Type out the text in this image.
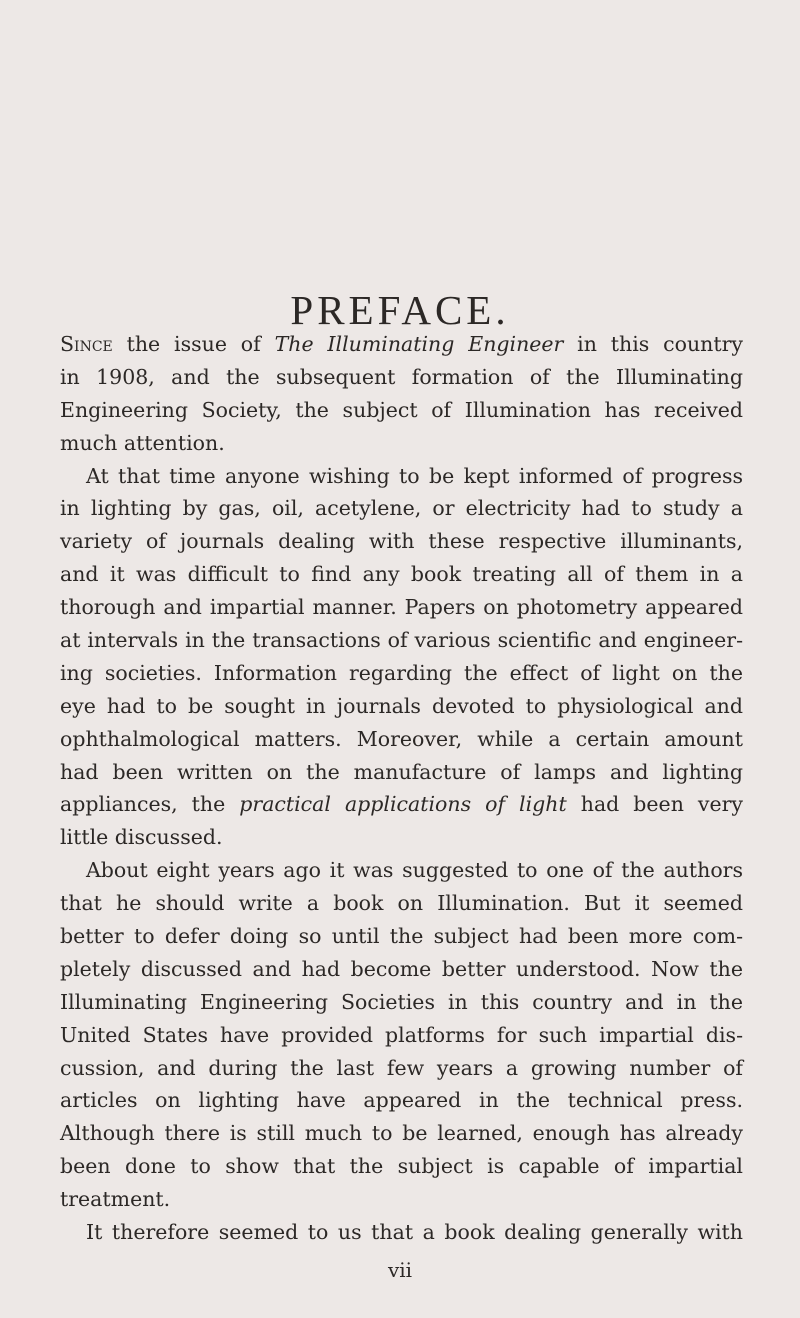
PREFACE.
Since the issue of The Illuminating Engineer in this country
in 1908, and the subsequent formation of the Illuminating
Engineering Society, the subject of Illumination has received
much attention.
At that time anyone wishing to be kept informed of progress
in lighting by gas, oil, acetylene, or electricity had to study a
variety of journals dealing with these respective illuminants,
and it was difficult to find any book treating all of them in a
thorough and impartial manner. Papers on photometry appeared
at intervals in the transactions of various scientific and engineer-
ing societies. Information regarding the effect of light on the
eye had to be sought in journals devoted to physiological and
ophthalmological matters. Moreover, while a certain amount
had been written on the manufacture of lamps and lighting
appliances, the practical applications of light had been very
little discussed.
About eight years ago it was suggested to one of the authors
that he should write a book on Illumination. But it seemed
better to defer doing so until the subject had been more com-
pletely discussed and had become better understood. Now the
Illuminating Engineering Societies in this country and in the
United States have provided platforms for such impartial dis-
cussion, and during the last few years a growing number of
articles on lighting have appeared in the technical press.
Although there is still much to be learned, enough has already
been done to show that the subject is capable of impartial
treatment.
It therefore seemed to us that a book dealing generally with

vii
